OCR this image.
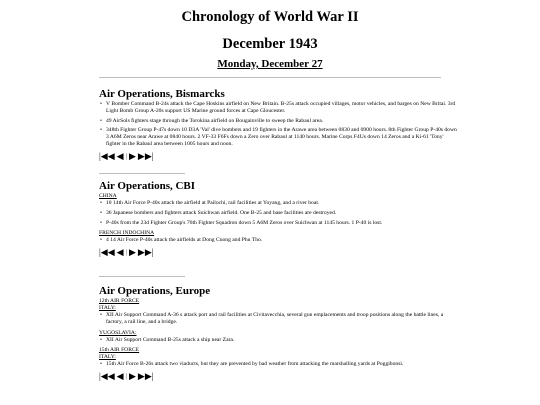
Chronology of World War II
December 1943
Monday, December 27
Air Operations, Bismarcks
• V Bomber Command B-24s attack the Cape Hoskins airfield on New Britain. B-25s attack occupied villages, motor vehicles, and barges on New Britai. 3rd Light Bomb Group A-20s support US Marine ground forces at Cape Gloucester.
• 49 AirSols fighters stage through the Torokina airfield on Bougainville to sweep the Rabaul area.
• 348th Fighter Group P-47s down 10 D3A 'Val' dive bombers and 19 fighters in the Arawe area between 0830 and 0900 hours. 8th Fighter Group P-40s down 3 A6M Zeros near Arawe at 0840 hours. 2 VF-33 F6Fs down a Zero over Rabaul at 1140 hours. Marine Corps F4Us down 14 Zeros and a Ki-61 'Tony' fighter in the Rabaul area between 1005 hours and noon.
|◀◀ ◀ | ▶ ▶▶|
Air Operations, CBI
CHINA
• 10 14th Air Force P-40s attack the airfield at Pailochi, rail facilities at Yoyang, and a river boat.
• 36 Japanese bombers and fighters attack Suichwan airfield. One B-25 and base facilities are destroyed.
• P-40s from the 23d Fighter Group's 76th Fighter Squadron down 5 A6M Zeros over Suichwan at 1145 hours. 1 P-40 is lost.
FRENCH INDOCHINA
• 4 14 Air Force P-40s attack the airfields at Dong Cuong and Phu Tho.
|◀◀ ◀ | ▶ ▶▶|
Air Operations, Europe
12th AIR FORCE
ITALY:
• XII Air Support Command A-36 s attack port and rail facilities at Civitavecchia, several gun emplacements and troop positions along the battle lines, a factory, a rail line, and a bridge.
YUGOSLAVIA:
• XII Air Support Command B-25s attack a ship near Zara.
15th AIR FORCE
ITALY:
• 15th Air Force B-26s attack two viaducts, but they are prevented by bad weather from attacking the marshalling yards at Poggibonsi.
|◀◀ ◀ | ▶ ▶▶|
